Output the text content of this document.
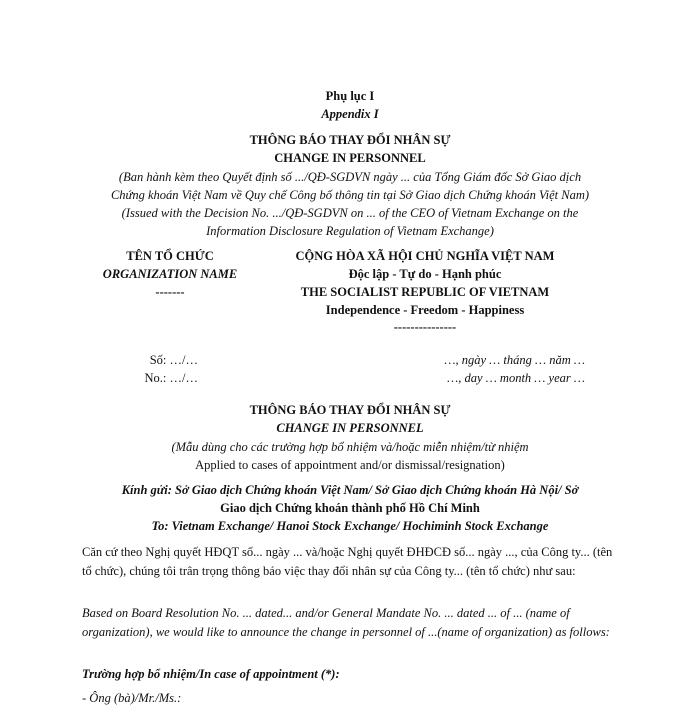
Phụ lục I
Appendix I
THÔNG BÁO THAY ĐỔI NHÂN SỰ
CHANGE IN PERSONNEL
(Ban hành kèm theo Quyết định số .../QĐ-SGDVN ngày ... của Tổng Giám đốc Sở Giao dịch
Chứng khoán Việt Nam về Quy chế Công bố thông tin tại Sở Giao dịch Chứng khoán Việt Nam)
(Issued with the Decision No. .../QĐ-SGDVN on ... of the CEO of Vietnam Exchange on the
Information Disclosure Regulation of Vietnam Exchange)
TÊN TỔ CHỨC
ORGANIZATION NAME
-------
CỘNG HÒA XÃ HỘI CHỦ NGHĨA VIỆT NAM
Độc lập - Tự do - Hạnh phúc
THE SOCIALIST REPUBLIC OF VIETNAM
Independence - Freedom - Happiness
---------------
Số: …/…
No.: …/…
…, ngày … tháng … năm …
…, day … month … year …
THÔNG BÁO THAY ĐỔI NHÂN SỰ
CHANGE IN PERSONNEL
(Mẫu dùng cho các trường hợp bổ nhiệm và/hoặc miễn nhiệm/từ nhiệm
Applied to cases of appointment and/or dismissal/resignation)
Kính gửi: Sở Giao dịch Chứng khoán Việt Nam/ Sở Giao dịch Chứng khoán Hà Nội/ Sở
Giao dịch Chứng khoán thành phố Hồ Chí Minh
To: Vietnam Exchange/ Hanoi Stock Exchange/ Hochiminh Stock Exchange
Căn cứ theo Nghị quyết HĐQT số... ngày ... và/hoặc Nghị quyết ĐHĐCĐ số... ngày ..., của Công ty... (tên tổ chức), chúng tôi trân trọng thông báo việc thay đổi nhân sự của Công ty... (tên tổ chức) như sau:
Based on Board Resolution No. ... dated... and/or General Mandate No. ... dated ... of ... (name of organization), we would like to announce the change in personnel of ...(name of organization) as follows:
Trường hợp bổ nhiệm/In case of appointment (*):
- Ông (bà)/Mr./Ms.:
